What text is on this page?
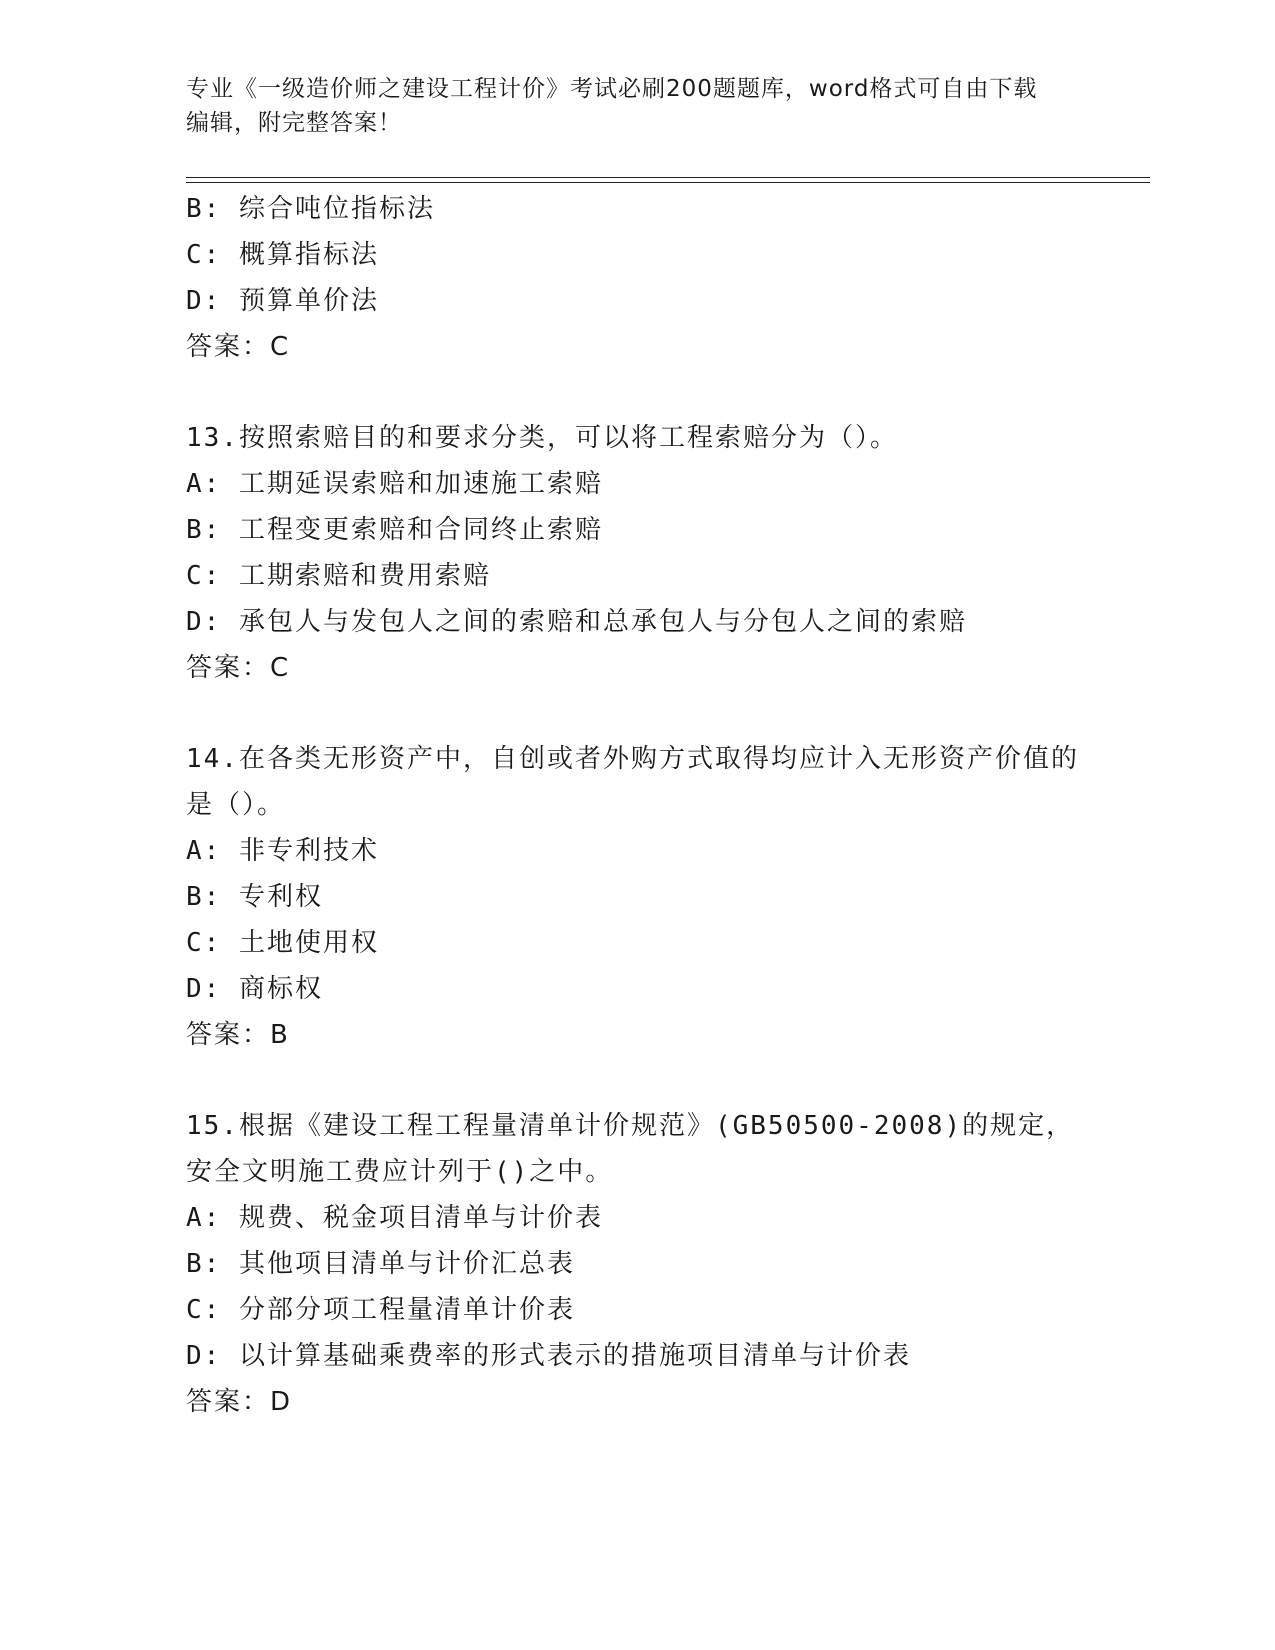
专业《一级造价师之建设工程计价》考试必刷200题题库，word格式可自由下载
编辑，附完整答案！
B: 综合吨位指标法
C: 概算指标法
D: 预算单价法
答案：C
13.按照索赔目的和要求分类，可以将工程索赔分为（）。
A: 工期延误索赔和加速施工索赔
B: 工程变更索赔和合同终止索赔
C: 工期索赔和费用索赔
D: 承包人与发包人之间的索赔和总承包人与分包人之间的索赔
答案：C
14.在各类无形资产中，自创或者外购方式取得均应计入无形资产价值的是（）。
A: 非专利技术
B: 专利权
C: 土地使用权
D: 商标权
答案：B
15.根据《建设工程工程量清单计价规范》(GB50500-2008)的规定，安全文明施工费应计列于()之中。
A: 规费、税金项目清单与计价表
B: 其他项目清单与计价汇总表
C: 分部分项工程量清单计价表
D: 以计算基础乘费率的形式表示的措施项目清单与计价表
答案：D
